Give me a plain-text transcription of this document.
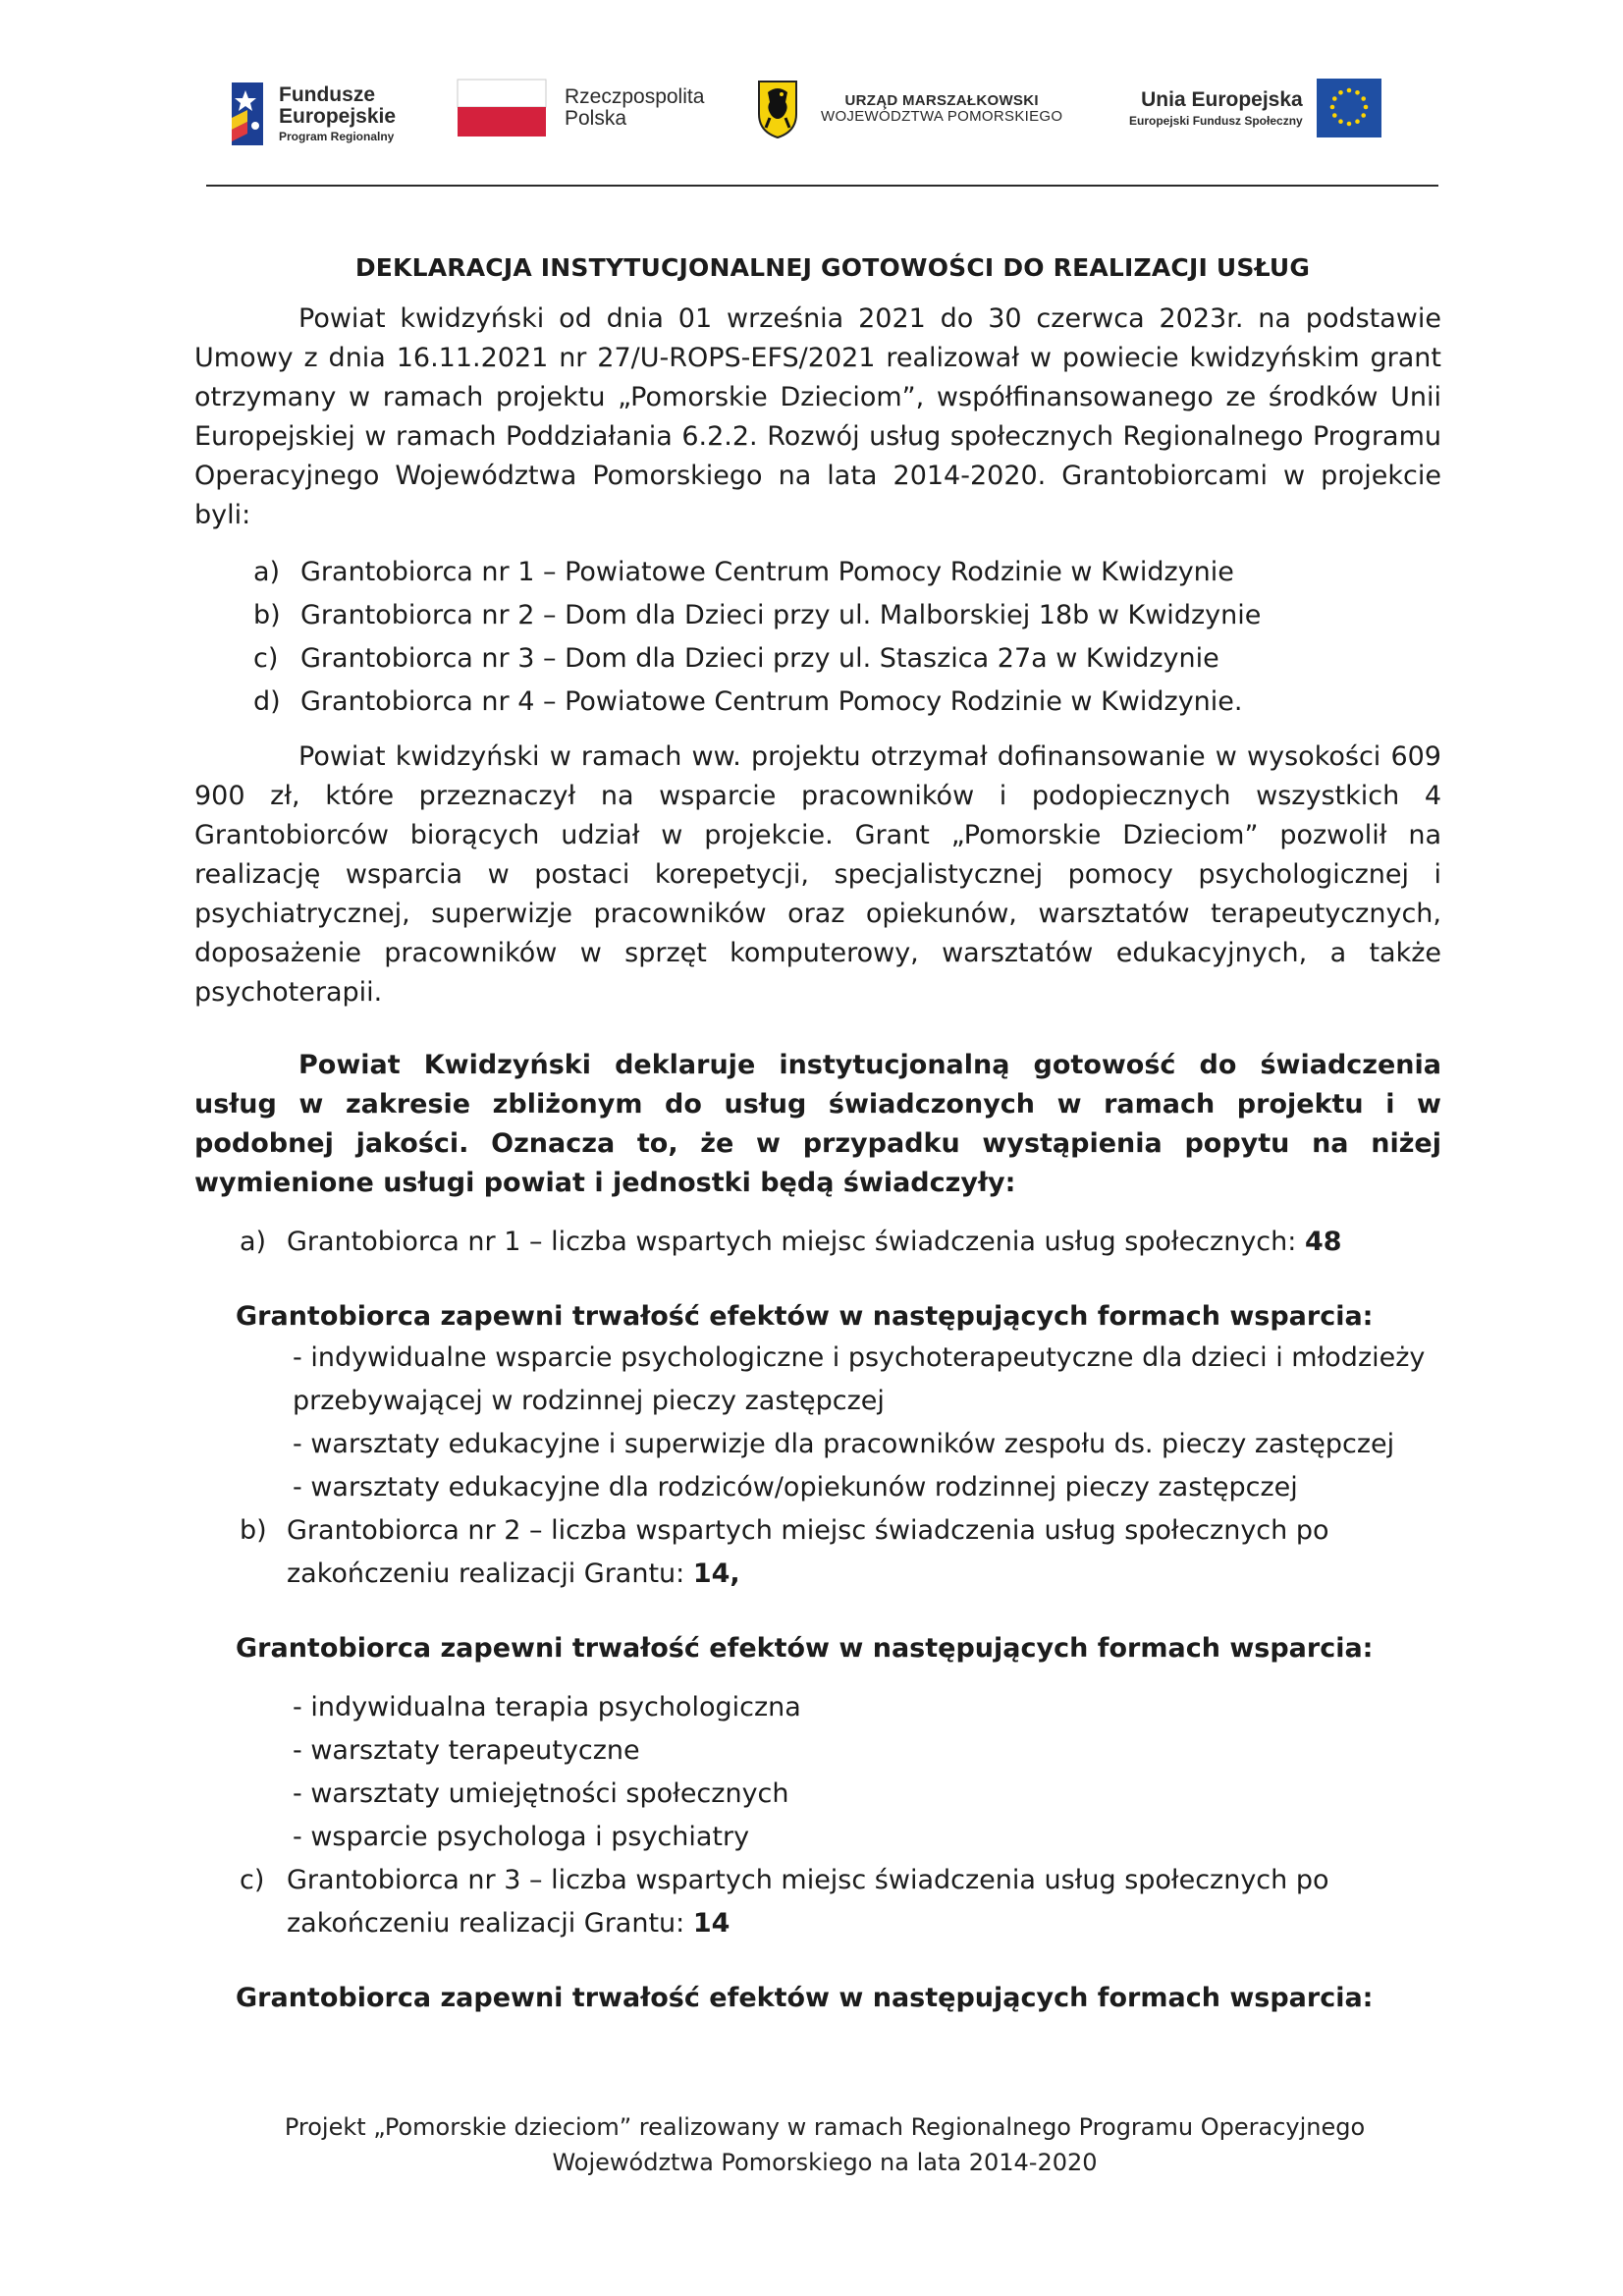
Fundusze
Europejskie
Program Regionalny
Rzeczpospolita
Polska
URZĄD MARSZAŁKOWSKI
WOJEWÓDZTWA POMORSKIEGO
Unia Europejska
Europejski Fundusz Społeczny
DEKLARACJA INSTYTUCJONALNEJ GOTOWOŚCI DO REALIZACJI USŁUG

Powiat kwidzyński od dnia 01 września 2021 do 30 czerwca 2023r. na podstawie Umowy z dnia 16.11.2021 nr 27/U-ROPS-EFS/2021 realizował w powiecie kwidzyńskim grant otrzymany w ramach projektu „Pomorskie Dzieciom”, współfinansowanego ze środków Unii Europejskiej w ramach Poddziałania 6.2.2. Rozwój usług społecznych Regionalnego Programu Operacyjnego Województwa Pomorskiego na lata 2014-2020. Grantobiorcami w projekcie byli:

a) Grantobiorca nr 1 – Powiatowe Centrum Pomocy Rodzinie w Kwidzynie
b) Grantobiorca nr 2 – Dom dla Dzieci przy ul. Malborskiej 18b w Kwidzynie
c) Grantobiorca nr 3 – Dom dla Dzieci przy ul. Staszica 27a w Kwidzynie
d) Grantobiorca nr 4 – Powiatowe Centrum Pomocy Rodzinie w Kwidzynie.

Powiat kwidzyński w ramach ww. projektu otrzymał dofinansowanie w wysokości 609 900 zł, które przeznaczył na wsparcie pracowników i podopiecznych wszystkich 4 Grantobiorców biorących udział w projekcie. Grant „Pomorskie Dzieciom” pozwolił na realizację wsparcia w postaci korepetycji, specjalistycznej pomocy psychologicznej i psychiatrycznej, superwizje pracowników oraz opiekunów, warsztatów terapeutycznych, doposażenie pracowników w sprzęt komputerowy, warsztatów edukacyjnych, a także psychoterapii.

Powiat Kwidzyński deklaruje instytucjonalną gotowość do świadczenia usług w zakresie zbliżonym do usług świadczonych w ramach projektu i w podobnej jakości. Oznacza to, że w przypadku wystąpienia popytu na niżej wymienione usługi powiat i jednostki będą świadczyły:

a) Grantobiorca nr 1 – liczba wspartych miejsc świadczenia usług społecznych: 48
Grantobiorca zapewni trwałość efektów w następujących formach wsparcia:
- indywidualne wsparcie psychologiczne i psychoterapeutyczne dla dzieci i młodzieży przebywającej w rodzinnej pieczy zastępczej
- warsztaty edukacyjne i superwizje dla pracowników zespołu ds. pieczy zastępczej
- warsztaty edukacyjne dla rodziców/opiekunów rodzinnej pieczy zastępczej
b) Grantobiorca nr 2 – liczba wspartych miejsc świadczenia usług społecznych po zakończeniu realizacji Grantu: 14,
Grantobiorca zapewni trwałość efektów w następujących formach wsparcia:
- indywidualna terapia psychologiczna
- warsztaty terapeutyczne
- warsztaty umiejętności społecznych
- wsparcie psychologa i psychiatry
c) Grantobiorca nr 3 – liczba wspartych miejsc świadczenia usług społecznych po zakończeniu realizacji Grantu: 14
Grantobiorca zapewni trwałość efektów w następujących formach wsparcia:
Projekt „Pomorskie dzieciom” realizowany w ramach Regionalnego Programu Operacyjnego
Województwa Pomorskiego na lata 2014-2020
